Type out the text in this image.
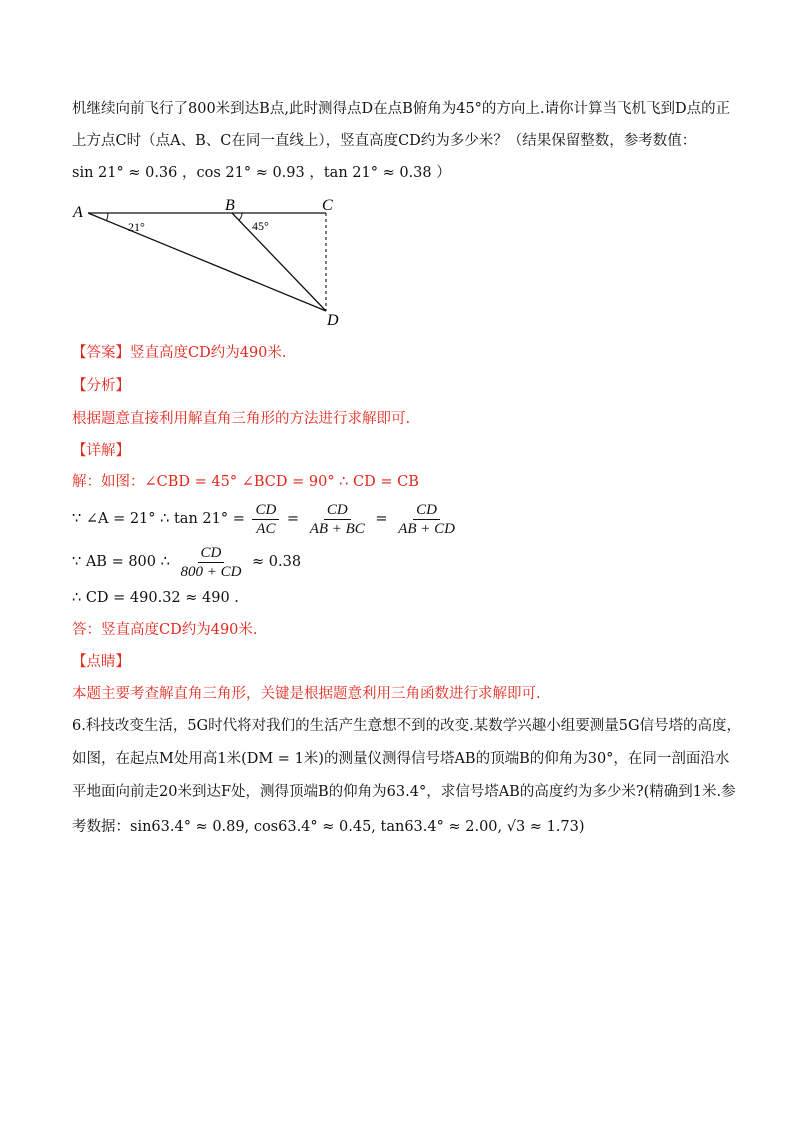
机继续向前飞行了800米到达B点,此时测得点D在点B俯角为45°的方向上.请你计算当飞机飞到D点的正
上方点C时（点A、B、C在同一直线上），竖直高度CD约为多少米？（结果保留整数，参考数值：
sin 21° ≈ 0.36 ，cos 21° ≈ 0.93 ，tan 21° ≈ 0.38 ）
A	B	C
D
21°	45°
【答案】竖直高度CD约为490米.
【分析】
根据题意直接利用解直角三角形的方法进行求解即可.
【详解】
解：如图：∠CBD = 45° ∠BCD = 90° ∴ CD = CB
∵ ∠A = 21° ∴ $\tan 21^\circ = \frac{CD}{AC} = \frac{CD}{AB + BC} = \frac{CD}{AB + CD}$
∵ AB = 800 ∴ $\frac{CD}{800 + CD} \approx 0.38$
∴ CD = 490.32 ≈ 490 .
答：竖直高度CD约为490米.
【点睛】
本题主要考查解直角三角形，关键是根据题意利用三角函数进行求解即可.
6.科技改变生活，5G时代将对我们的生活产生意想不到的改变.某数学兴趣小组要测量5G信号塔的高度，
如图，在起点M处用高1米(DM = 1米)的测量仪测得信号塔AB的顶端B的仰角为30°，在同一剖面沿水
平地面向前走20米到达F处，测得顶端B的仰角为63.4°，求信号塔AB的高度约为多少米?(精确到1米.参
考数据：sin63.4° ≈ 0.89, cos63.4° ≈ 0.45, tan63.4° ≈ 2.00, √3 ≈ 1.73)
